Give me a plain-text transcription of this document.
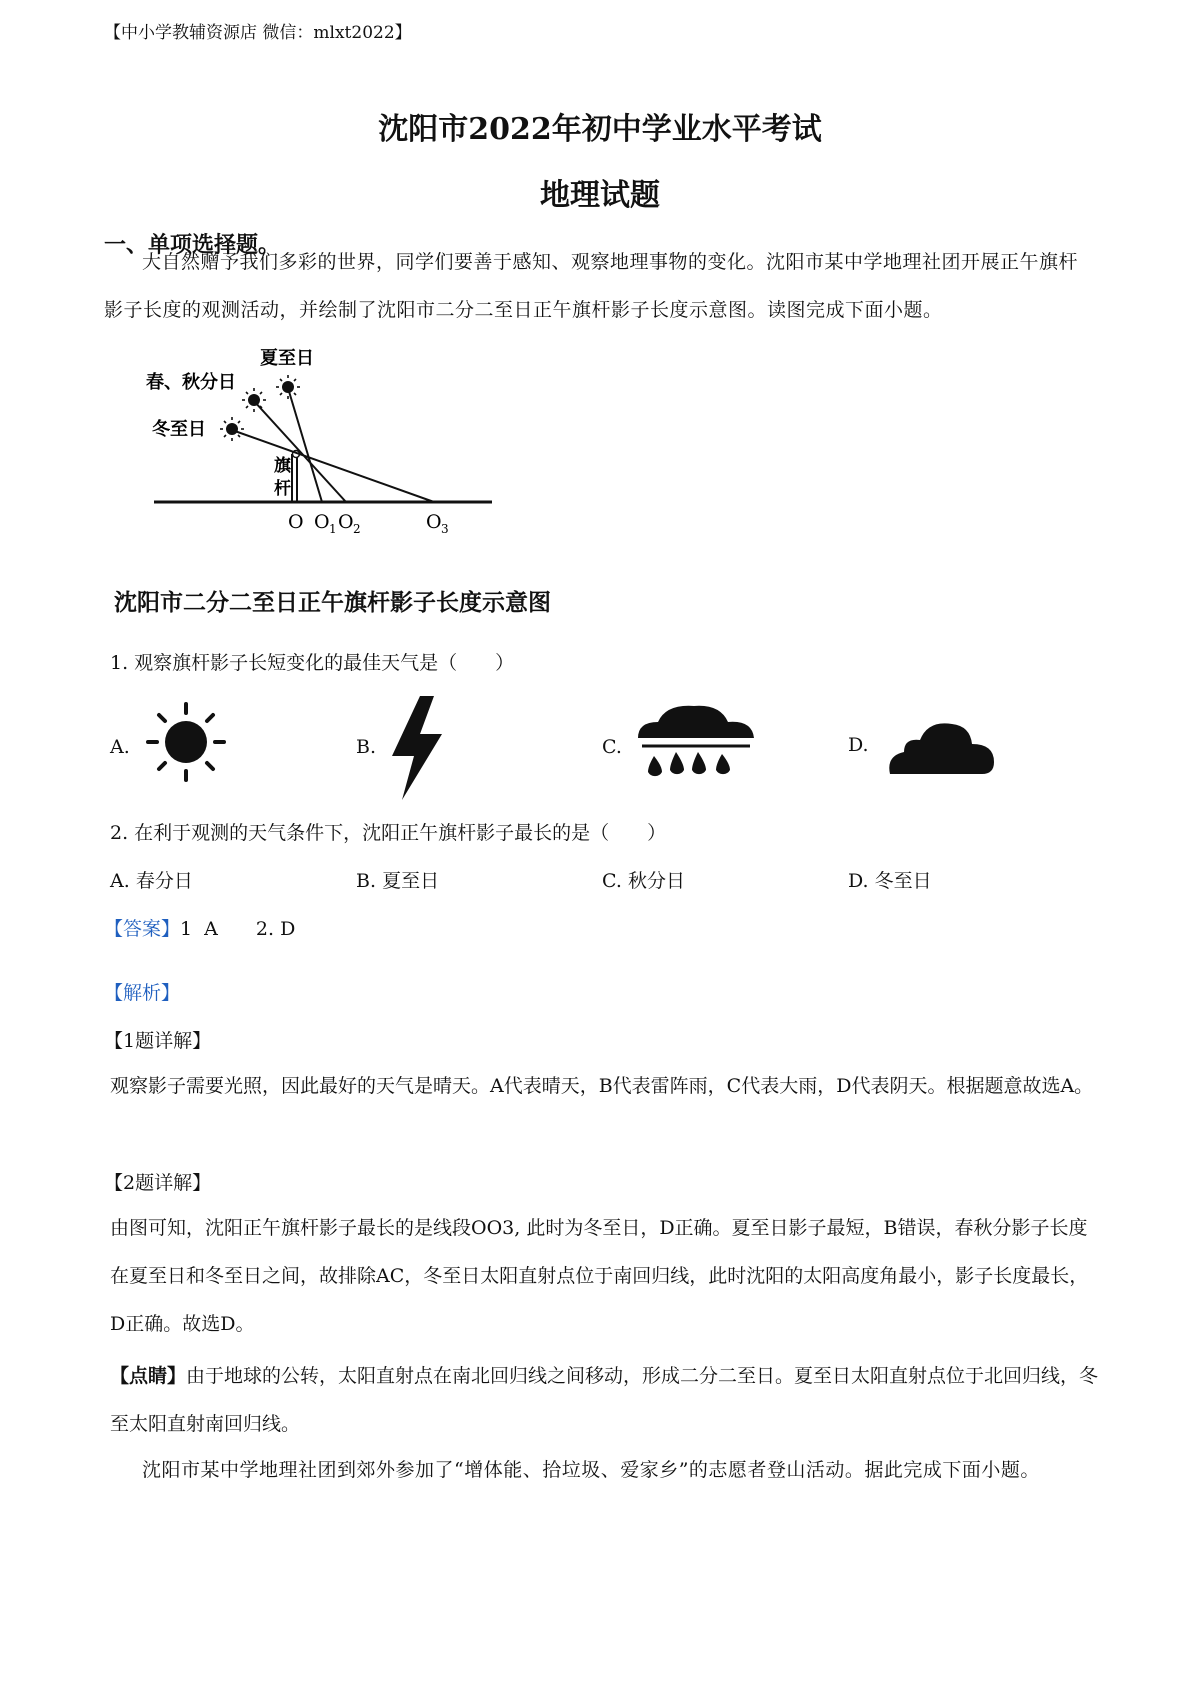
【中小学教辅资源店 微信：mlxt2022】
沈阳市2022年初中学业水平考试
地理试题
一、单项选择题。
大自然赠予我们多彩的世界，同学们要善于感知、观察地理事物的变化。沈阳市某中学地理社团开展正午旗杆影子长度的观测活动，并绘制了沈阳市二分二至日正午旗杆影子长度示意图。读图完成下面小题。
夏至日
春、秋分日
冬至日
旗
杆
O O 1 O 2	O 3
沈阳市二分二至日正午旗杆影子长度示意图
1. 观察旗杆影子长短变化的最佳天气是（　　）
A.	B.	C.	D.
2. 在利于观测的天气条件下，沈阳正午旗杆影子最长的是（　　）
A. 春分日	B. 夏至日	C. 秋分日	D. 冬至日
【答案】1  A　　2. D
【解析】
【1题详解】
观察影子需要光照，因此最好的天气是晴天。A代表晴天，B代表雷阵雨，C代表大雨，D代表阴天。根据题意故选A。
【2题详解】
由图可知，沈阳正午旗杆影子最长的是线段OO3, 此时为冬至日，D正确。夏至日影子最短，B错误，春秋分影子长度在夏至日和冬至日之间，故排除AC，冬至日太阳直射点位于南回归线，此时沈阳的太阳高度角最小，影子长度最长，D正确。故选D。
【点睛】由于地球的公转，太阳直射点在南北回归线之间移动，形成二分二至日。夏至日太阳直射点位于北回归线，冬至太阳直射南回归线。
沈阳市某中学地理社团到郊外参加了“增体能、拾垃圾、爱家乡”的志愿者登山活动。据此完成下面小题。
